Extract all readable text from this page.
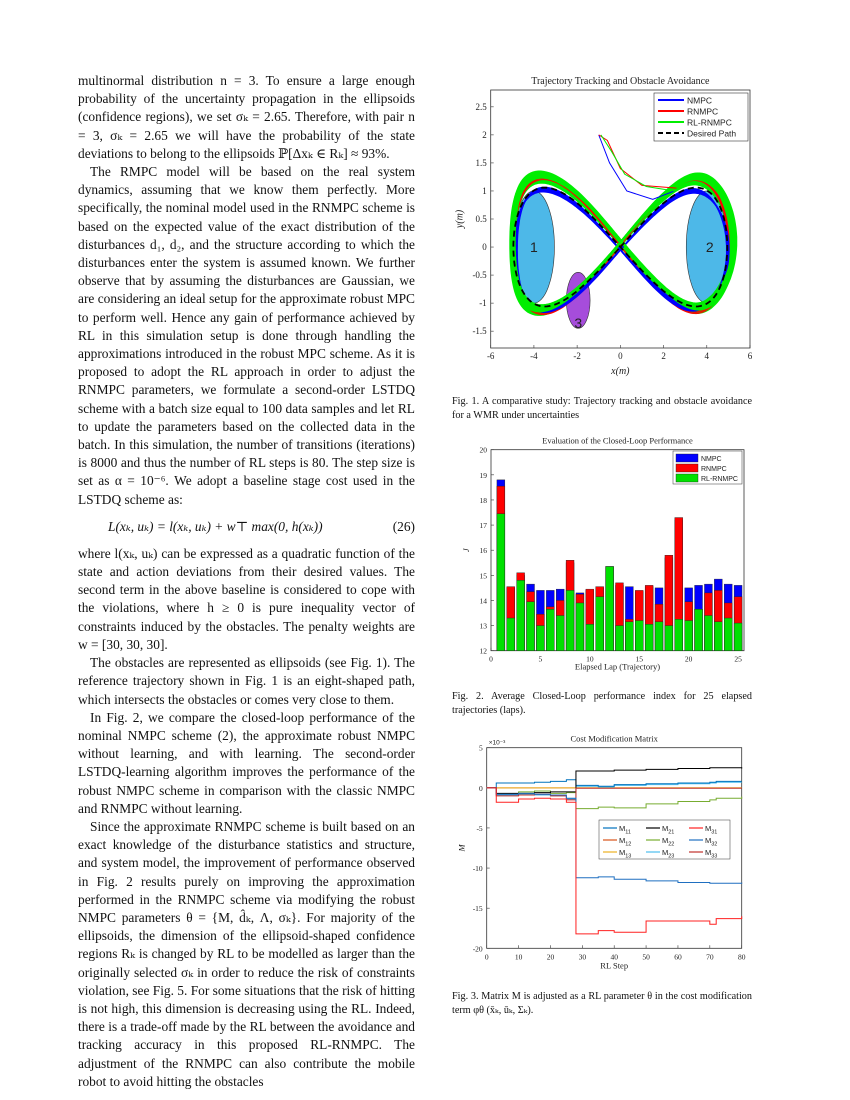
multinormal distribution n = 3. To ensure a large enough probability of the uncertainty propagation in the ellipsoids (confidence regions), we set σₖ = 2.65. Therefore, with pair n = 3, σₖ = 2.65 we will have the probability of the state deviations to belong to the ellipsoids ℙ[Δxₖ ∈ Rₖ] ≈ 93%.

The RMPC model will be based on the real system dynamics, assuming that we know them perfectly. More specifically, the nominal model used in the RNMPC scheme is based on the expected value of the exact distribution of the disturbances d₁, d₂, and the structure according to which the disturbances enter the system is assumed known. We further observe that by assuming the disturbances are Gaussian, we are considering an ideal setup for the approximate robust MPC to perform well. Hence any gain of performance achieved by RL in this simulation setup is done through handling the approximations introduced in the robust MPC scheme. As it is proposed to adopt the RL approach in order to adjust the RNMPC parameters, we formulate a second-order LSTDQ scheme with a batch size equal to 100 data samples and let RL to update the parameters based on the collected data in the batch. In this simulation, the number of transitions (iterations) is 8000 and thus the number of RL steps is 80. The step size is set as α = 10⁻⁶. We adopt a baseline stage cost used in the LSTDQ scheme as:

L(xₖ, uₖ) = l(xₖ, uₖ) + w⊤ max(0, h(xₖ))	(26)

where l(xₖ, uₖ) can be expressed as a quadratic function of the state and action deviations from their desired values. The second term in the above baseline is considered to cope with the violations, where h ≥ 0 is pure inequality vector of constraints induced by the obstacles. The penalty weights are w = [30, 30, 30].

The obstacles are represented as ellipsoids (see Fig. 1). The reference trajectory shown in Fig. 1 is an eight-shaped path, which intersects the obstacles or comes very close to them.

In Fig. 2, we compare the closed-loop performance of the nominal NMPC scheme (2), the approximate robust NMPC without learning, and with learning. The second-order LSTDQ-learning algorithm improves the performance of the robust NMPC scheme in comparison with the classic NMPC and RNMPC without learning.

Since the approximate RNMPC scheme is built based on an exact knowledge of the disturbance statistics and structure, and system model, the improvement of performance observed in Fig. 2 results purely on improving the approximation performed in the RNMPC scheme via modifying the robust NMPC parameters θ = {M, d̂ₖ, Λ, σₖ}. For majority of the ellipsoids, the dimension of the ellipsoid-shaped confidence regions Rₖ is changed by RL to be modelled as larger than the originally selected σₖ in order to reduce the risk of constraints violation, see Fig. 5. For some situations that the risk of hitting is not high, this dimension is decreasing using the RL. Indeed, there is a trade-off made by the RL between the avoidance and tracking accuracy in this proposed RL-RNMPC. The adjustment of the RNMPC can also contribute the mobile robot to avoid hitting the obstacles

-6	-4	-2	0	2	4	6
-1.5
-1
-0.5
0
0.5
1
1.5
2
2.5
Trajectory Tracking and Obstacle Avoidance
x(m)
y(m)
1	2
3
NMPC
RNMPC
RL-RNMPC
Desired Path
0	5	10	15	20	25
12
13
14
15
16
17
18
19
20
Evaluation of the Closed-Loop Performance
Elapsed Lap (Trajectory)
J
NMPC
RNMPC
RL-RNMPC
0	10	20	30	40	50	60	70	80
5
0
-5
-10
-15
-20
Cost Modification Matrix
RL Step
M
×10⁻³
$M_{11}$
$M_{12}$
$M_{13}$
$M_{21}$
$M_{22}$
$M_{23}$
$M_{31}$
$M_{32}$
$M_{33}$
Fig. 1. A comparative study: Trajectory tracking and obstacle avoidance for a WMR under uncertainties
Fig. 2. Average Closed-Loop performance index for 25 elapsed trajectories (laps).
Fig. 3. Matrix M is adjusted as a RL parameter θ in the cost modification term φθ (x̄ₖ, ūₖ, Σₖ).
